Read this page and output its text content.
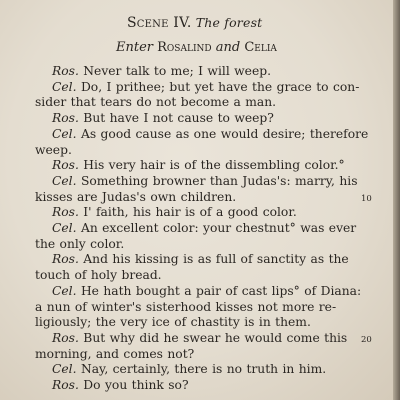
Scene IV. The forest
Enter Rosalind and Celia
Ros. Never talk to me; I will weep.
Cel. Do, I prithee; but yet have the grace to con-
sider that tears do not become a man.
Ros. But have I not cause to weep?
Cel. As good cause as one would desire; therefore
weep.
Ros. His very hair is of the dissembling color.°
Cel. Something browner than Judas's: marry, his
kisses are Judas's own children.
Ros. I' faith, his hair is of a good color.
Cel. An excellent color: your chestnut° was ever
the only color.
Ros. And his kissing is as full of sanctity as the
touch of holy bread.
Cel. He hath bought a pair of cast lips° of Diana:
a nun of winter's sisterhood kisses not more re-
ligiously; the very ice of chastity is in them.
Ros. But why did he swear he would come this
morning, and comes not?
Cel. Nay, certainly, there is no truth in him.
Ros. Do you think so?
10
20
